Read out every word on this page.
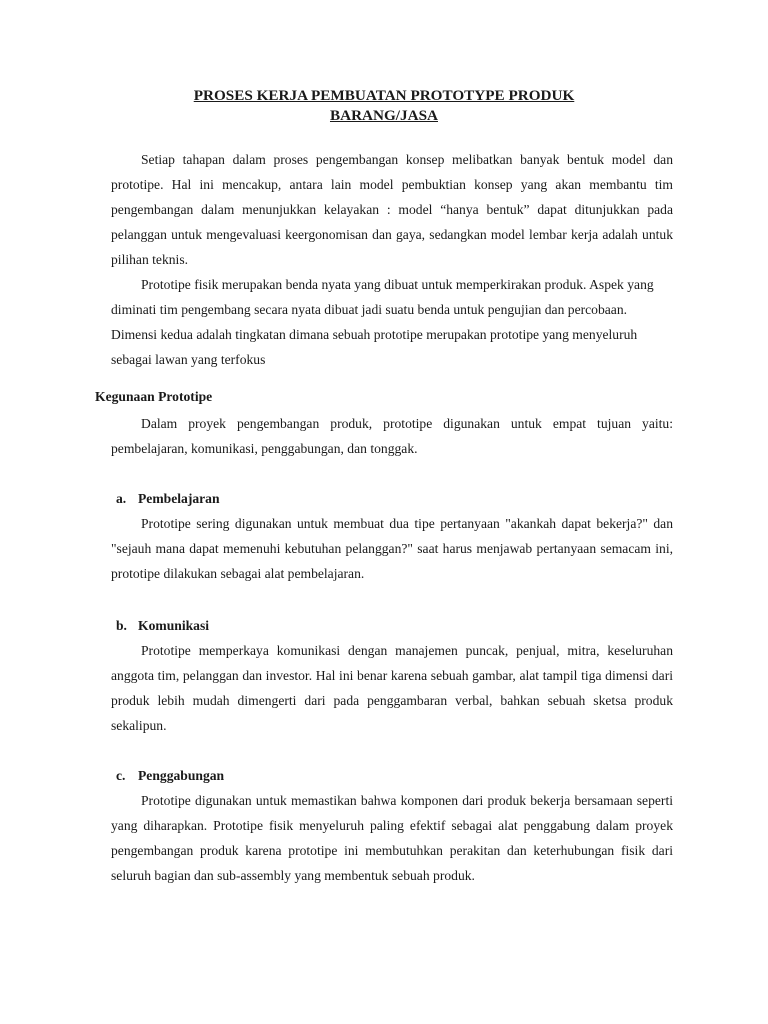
PROSES KERJA PEMBUATAN PROTOTYPE PRODUK
BARANG/JASA

Setiap tahapan dalam proses pengembangan konsep melibatkan banyak bentuk model dan prototipe. Hal ini mencakup, antara lain model pembuktian konsep yang akan membantu tim pengembangan dalam menunjukkan kelayakan : model “hanya bentuk” dapat ditunjukkan pada pelanggan untuk mengevaluasi keergonomisan dan gaya, sedangkan model lembar kerja adalah untuk pilihan teknis.

Prototipe fisik merupakan benda nyata yang dibuat untuk memperkirakan produk. Aspek yang diminati tim pengembang secara nyata dibuat jadi suatu benda untuk pengujian dan percobaan. Dimensi kedua adalah tingkatan dimana sebuah prototipe merupakan prototipe yang menyeluruh sebagai lawan yang terfokus

Kegunaan Prototipe

Dalam proyek pengembangan produk, prototipe digunakan untuk empat tujuan yaitu: pembelajaran, komunikasi, penggabungan, dan tonggak.

a. Pembelajaran

Prototipe sering digunakan untuk membuat dua tipe pertanyaan "akankah dapat bekerja?" dan "sejauh mana dapat memenuhi kebutuhan pelanggan?" saat harus menjawab pertanyaan semacam ini, prototipe dilakukan sebagai alat pembelajaran.

b. Komunikasi

Prototipe memperkaya komunikasi dengan manajemen puncak, penjual, mitra, keseluruhan anggota tim, pelanggan dan investor. Hal ini benar karena sebuah gambar, alat tampil tiga dimensi dari produk lebih mudah dimengerti dari pada penggambaran verbal, bahkan sebuah sketsa produk sekalipun.

c. Penggabungan

Prototipe digunakan untuk memastikan bahwa komponen dari produk bekerja bersamaan seperti yang diharapkan. Prototipe fisik menyeluruh paling efektif sebagai alat penggabung dalam proyek pengembangan produk karena prototipe ini membutuhkan perakitan dan keterhubungan fisik dari seluruh bagian dan sub-assembly yang membentuk sebuah produk.
